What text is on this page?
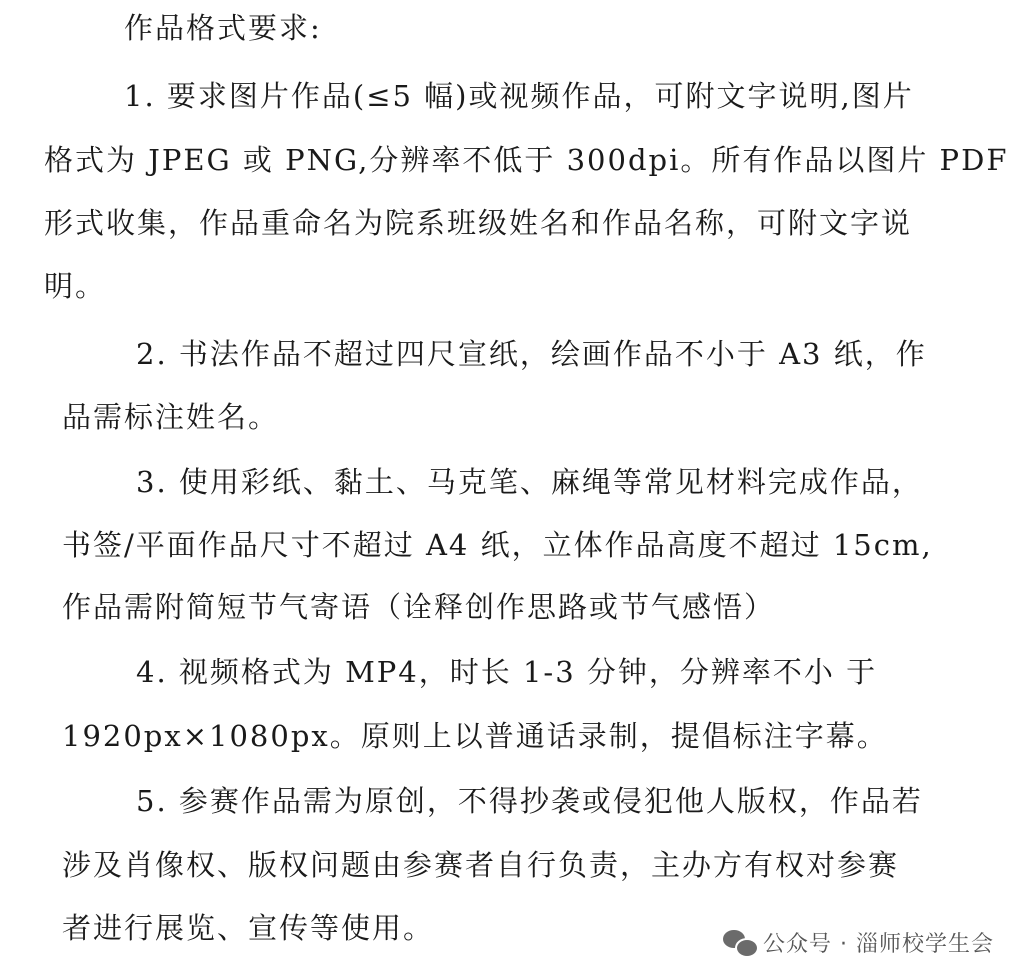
作品格式要求:
1. 要求图片作品(≤5 幅)或视频作品，可附文字说明,图片
格式为 JPEG 或 PNG,分辨率不低于 300dpi。所有作品以图片 PDF
形式收集，作品重命名为院系班级姓名和作品名称，可附文字说
明。
2. 书法作品不超过四尺宣纸，绘画作品不小于 A3 纸，作
品需标注姓名。
3. 使用彩纸、黏土、马克笔、麻绳等常见材料完成作品，
书签/平面作品尺寸不超过 A4 纸，立体作品高度不超过 15cm,
作品需附简短节气寄语（诠释创作思路或节气感悟）
4. 视频格式为 MP4，时长 1-3 分钟，分辨率不小 于
1920px×1080px。原则上以普通话录制，提倡标注字幕。
5. 参赛作品需为原创，不得抄袭或侵犯他人版权，作品若
涉及肖像权、版权问题由参赛者自行负责，主办方有权对参赛
者进行展览、宣传等使用。	公众号 · 淄师校学生会
